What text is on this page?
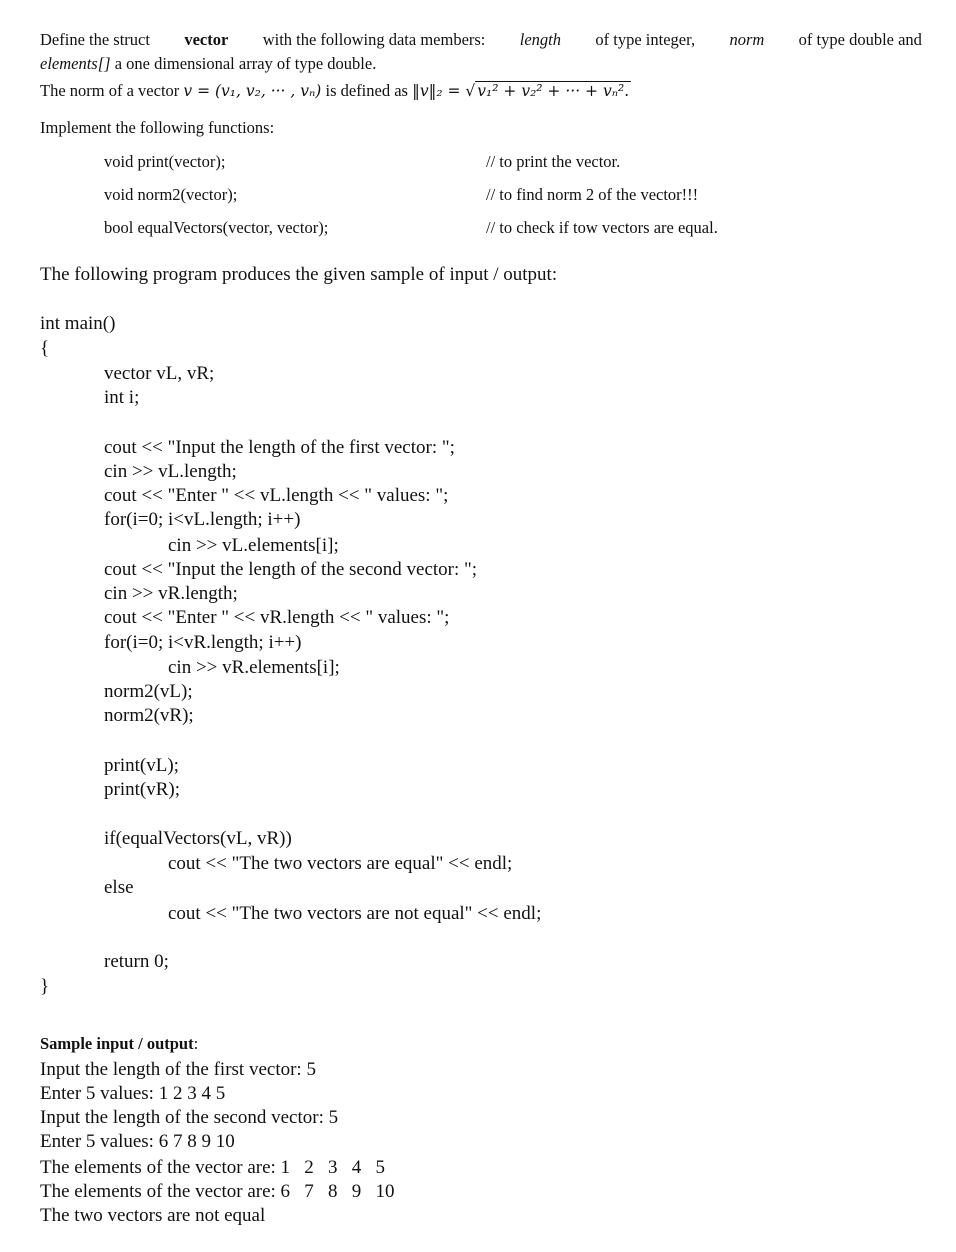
Define the struct vector with the following data members: length of type integer, norm of type double and
elements[] a one dimensional array of type double.
The norm of a vector v = (v₁, v₂, ··· , vₙ) is defined as ‖v‖₂ = √ v₁² + v₂² + ··· + vₙ².
Implement the following functions:
void print(vector);	// to print the vector.
void norm2(vector);	// to find norm 2 of the vector!!!
bool equalVectors(vector, vector);	// to check if tow vectors are equal.
The following program produces the given sample of input / output:
int main()
{
vector vL, vR;
int i;
cout << "Input the length of the first vector: ";
cin >> vL.length;
cout << "Enter " << vL.length << " values: ";
for(i=0; i<vL.length; i++)
cin >> vL.elements[i];
cout << "Input the length of the second vector: ";
cin >> vR.length;
cout << "Enter " << vR.length << " values: ";
for(i=0; i<vR.length; i++)
cin >> vR.elements[i];
norm2(vL);
norm2(vR);
print(vL);
print(vR);
if(equalVectors(vL, vR))
cout << "The two vectors are equal" << endl;
else
cout << "The two vectors are not equal" << endl;
return 0;
}
Sample input / output:
Input the length of the first vector: 5
Enter 5 values: 1 2 3 4 5
Input the length of the second vector: 5
Enter 5 values: 6 7 8 9 10
The elements of the vector are: 1   2   3   4   5
The elements of the vector are: 6   7   8   9   10
The two vectors are not equal
